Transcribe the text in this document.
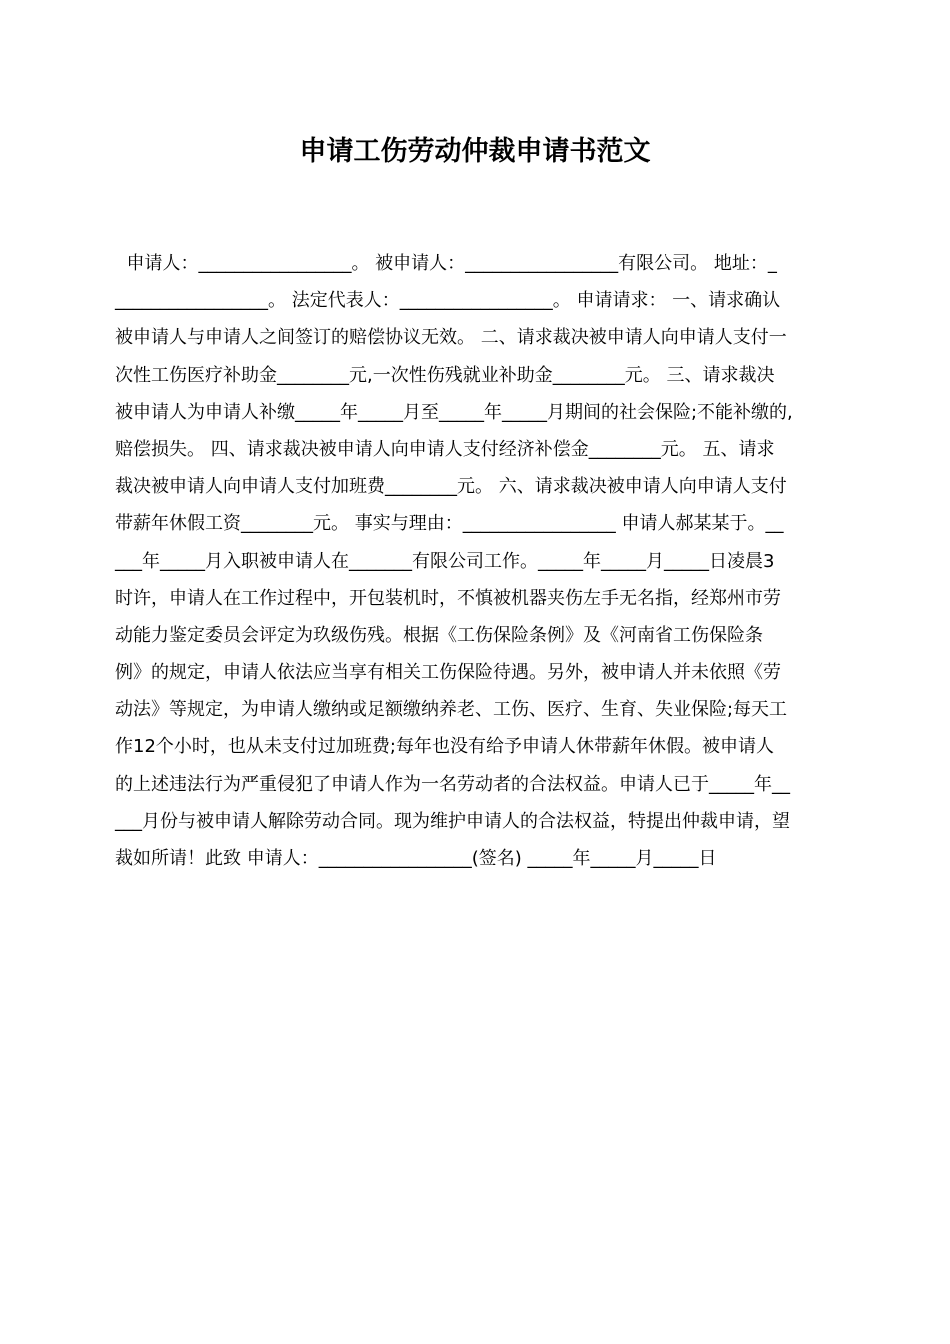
申请工伤劳动仲裁申请书范文
申请人：_________________。 被申请人：_________________有限公司。 地址：_
_________________。 法定代表人：_________________。 申请请求： 一、请求确认
被申请人与申请人之间签订的赔偿协议无效。 二、请求裁决被申请人向申请人支付一
次性工伤医疗补助金________元,一次性伤残就业补助金________元。 三、请求裁决
被申请人为申请人补缴_____年_____月至_____年_____月期间的社会保险;不能补缴的,
赔偿损失。 四、请求裁决被申请人向申请人支付经济补偿金________元。 五、请求
裁决被申请人向申请人支付加班费________元。 六、请求裁决被申请人向申请人支付
带薪年休假工资________元。 事实与理由：_________________ 申请人郝某某于。__
___年_____月入职被申请人在_______有限公司工作。_____年_____月_____日凌晨3
时许，申请人在工作过程中，开包装机时，不慎被机器夹伤左手无名指，经郑州市劳
动能力鉴定委员会评定为玖级伤残。根据《工伤保险条例》及《河南省工伤保险条
例》的规定，申请人依法应当享有相关工伤保险待遇。另外，被申请人并未依照《劳
动法》等规定，为申请人缴纳或足额缴纳养老、工伤、医疗、生育、失业保险;每天工
作12个小时，也从未支付过加班费;每年也没有给予申请人休带薪年休假。被申请人
的上述违法行为严重侵犯了申请人作为一名劳动者的合法权益。申请人已于_____年__
___月份与被申请人解除劳动合同。现为维护申请人的合法权益，特提出仲裁申请，望
裁如所请！此致 申请人：_________________(签名) _____年_____月_____日
